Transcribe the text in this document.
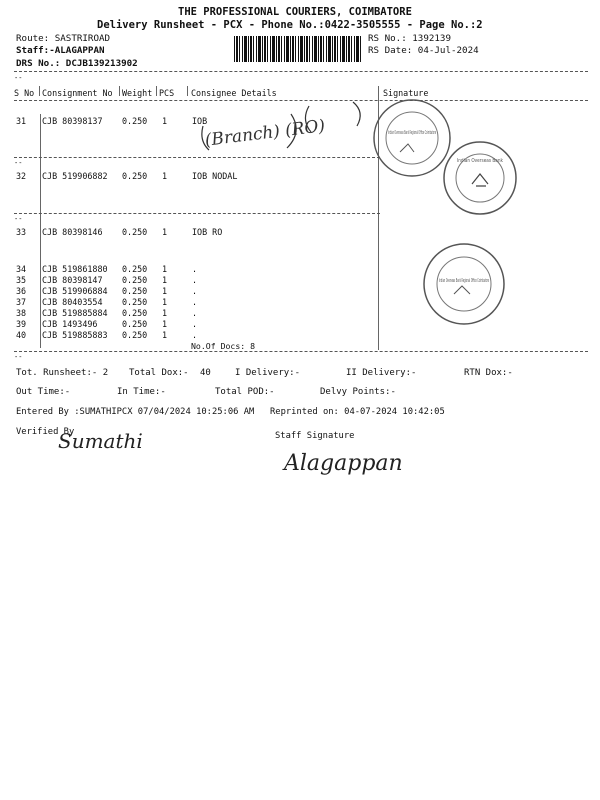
THE PROFESSIONAL COURIERS, COIMBATORE
Delivery Runsheet - PCX - Phone No.:0422-3505555 - Page No.:2
Route: SASTRIROAD
Staff:-ALAGAPPAN
DRS No.: DCJB139213902
RS No.: 1392139
RS Date: 04-Jul-2024
--
S No Consignment No Weight PCS Consignee Details	Signature
31 CJB 80398137 0.250 1	IOB
--
32 CJB 519906882 0.250 1	IOB NODAL
--
33 CJB 80398146 0.250 1	IOB RO
34 CJB 519861880 0.250 1	.
35 CJB 80398147 0.250 1	.
36 CJB 519906884 0.250 1	.
37 CJB 80403554 0.250 1	.
38 CJB 519885884 0.250 1	.
39 CJB 1493496	0.250 1	.
40 CJB 519885883 0.250 1	.
No.Of Docs: 8
--
(Branch) (RO)	Indian Overseas Bank Regional Office Coimbatore
Indian Overseas Bank
Indian Overseas Bank Regional Office Coimbatore
Tot. Runsheet:- 2 Total Dox:- 40	I Delivery:-	II Delivery:-	RTN Dox:-
Out Time:-	In Time:-	Total POD:-	Delvy Points:-
Entered By :SUMATHIPCX 07/04/2024 10:25:06 AM Reprinted on: 04-07-2024 10:42:05
Verified By
Sumathi	Staff Signature
Alagappan
